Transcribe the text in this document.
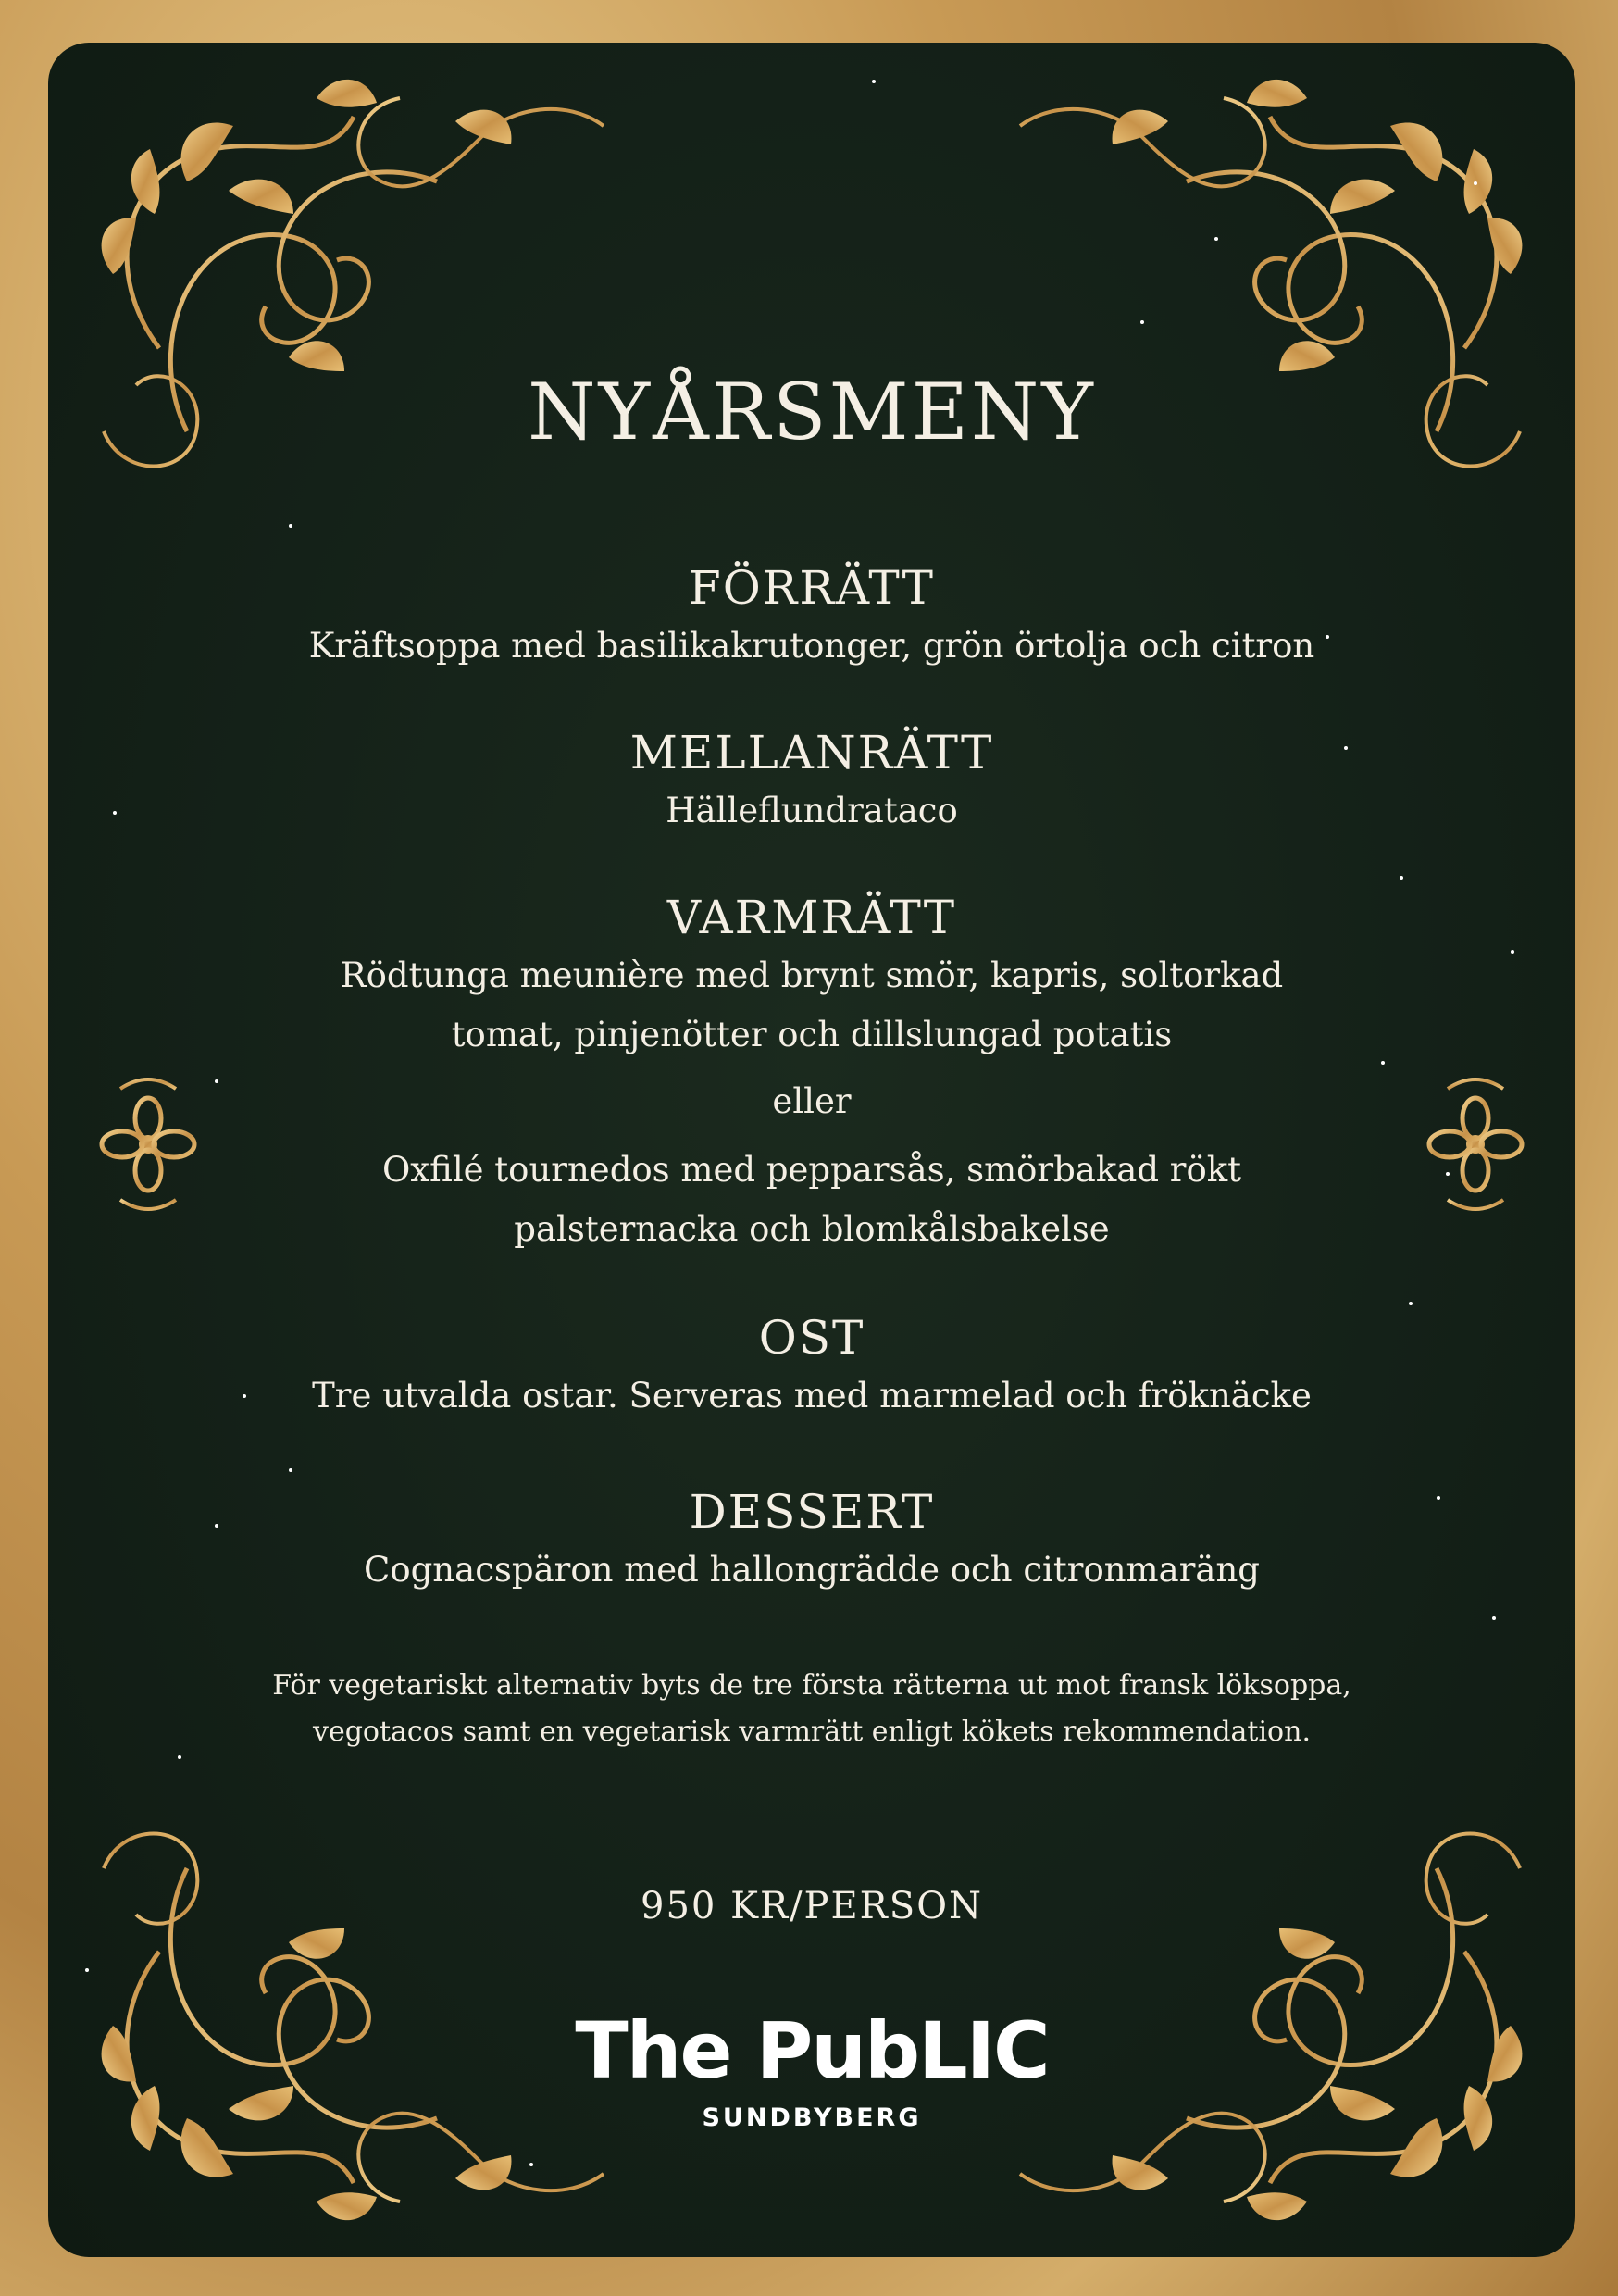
NYÅRSMENY
FÖRRÄTT
Kräftsoppa med basilikakrutonger, grön örtolja och citron
MELLANRÄTT
Hälleflundrataco
VARMRÄTT
Rödtunga meunière med brynt smör, kapris, soltorkad
tomat, pinjenötter och dillslungad potatis
eller
Oxfilé tournedos med pepparsås, smörbakad rökt
palsternacka och blomkålsbakelse
OST
Tre utvalda ostar. Serveras med marmelad och fröknäcke
DESSERT
Cognacspäron med hallongrädde och citronmaräng
För vegetariskt alternativ byts de tre första rätterna ut mot fransk löksoppa,
vegotacos samt en vegetarisk varmrätt enligt kökets rekommendation.
950 KR/PERSON
The PubLIC
SUNDBYBERG
